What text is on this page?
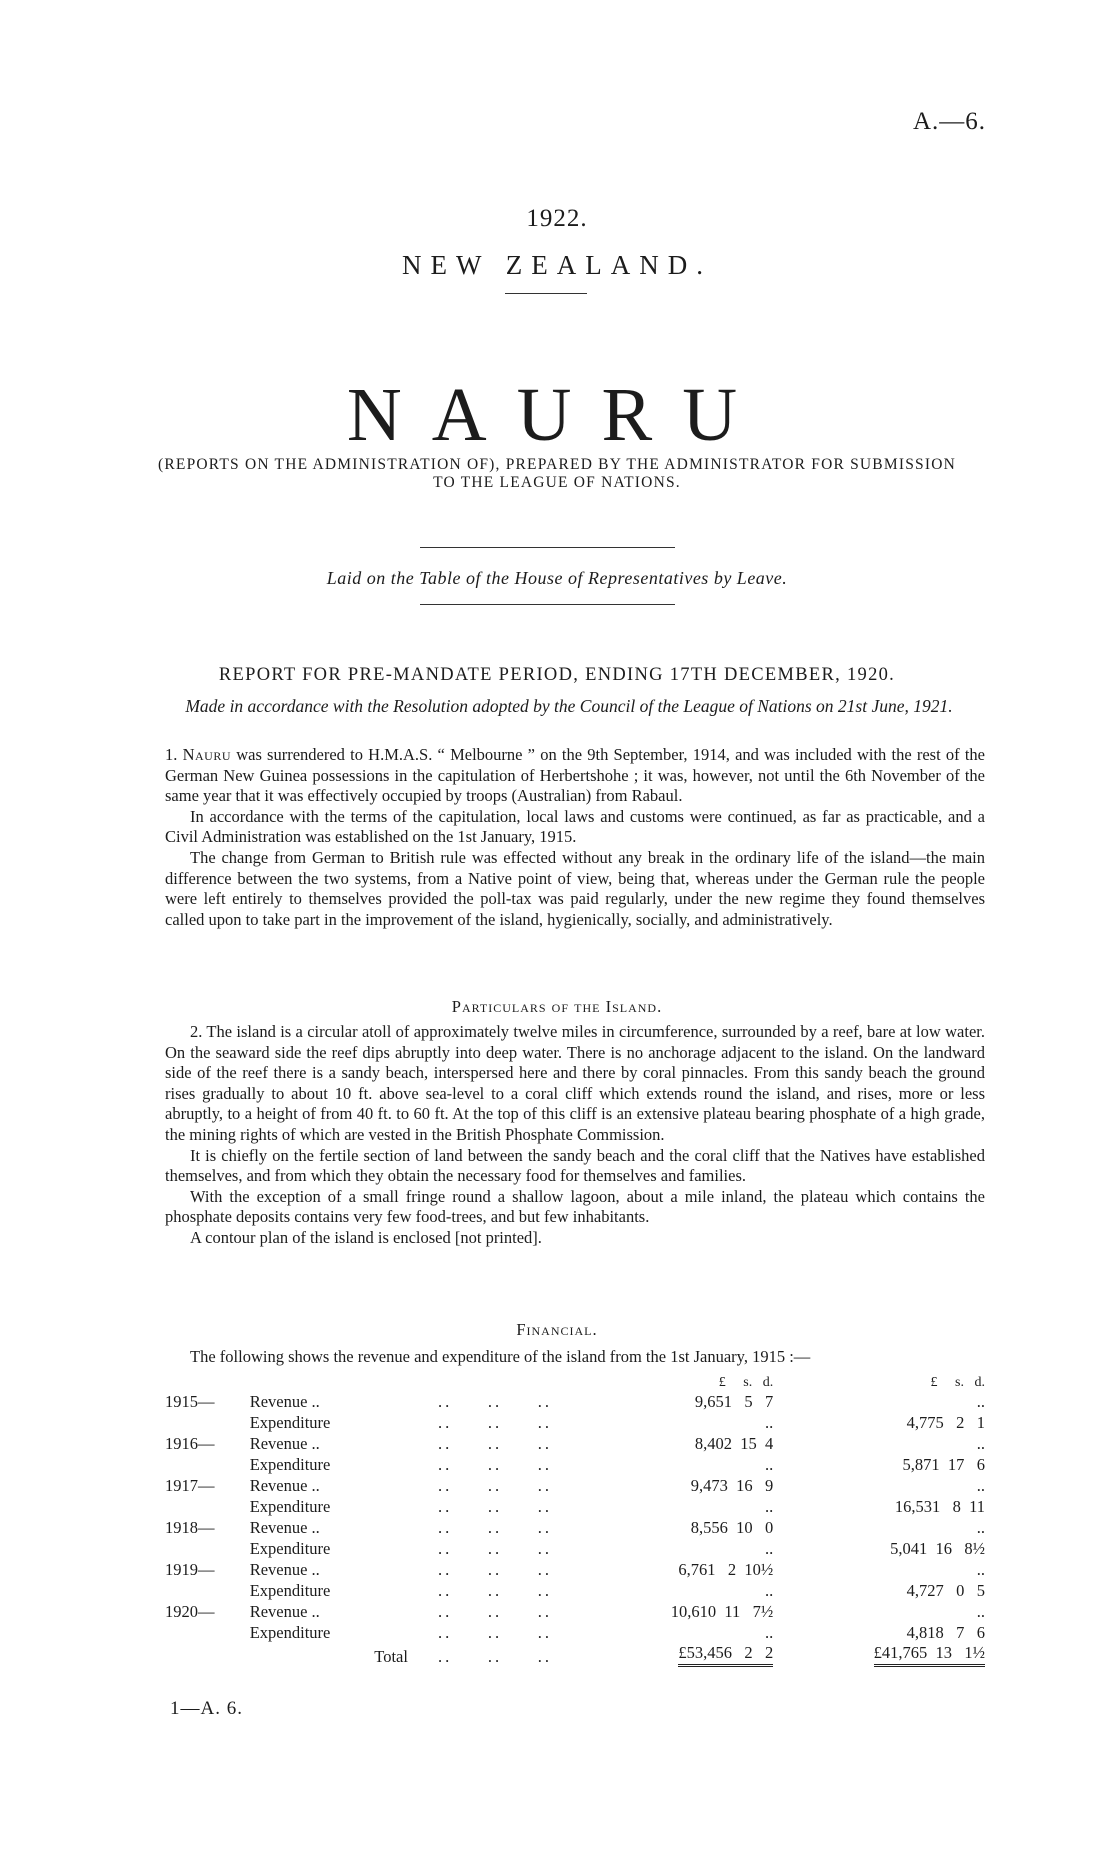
A.—6.
1922.
NEW ZEALAND.
NAURU
(REPORTS ON THE ADMINISTRATION OF), PREPARED BY THE ADMINISTRATOR FOR SUBMISSION TO THE LEAGUE OF NATIONS.
Laid on the Table of the House of Representatives by Leave.
REPORT FOR PRE-MANDATE PERIOD, ENDING 17TH DECEMBER, 1920.
Made in accordance with the Resolution adopted by the Council of the League of Nations on 21st June, 1921.

1. Nauru was surrendered to H.M.A.S. “ Melbourne ” on the 9th September, 1914, and was included with the rest of the German New Guinea possessions in the capitulation of Herbertshohe ; it was, however, not until the 6th November of the same year that it was effectively occupied by troops (Australian) from Rabaul.

In accordance with the terms of the capitulation, local laws and customs were continued, as far as practicable, and a Civil Administration was established on the 1st January, 1915.

The change from German to British rule was effected without any break in the ordinary life of the island—the main difference between the two systems, from a Native point of view, being that, whereas under the German rule the people were left entirely to themselves provided the poll-tax was paid regularly, under the new regime they found themselves called upon to take part in the improvement of the island, hygienically, socially, and administratively.

Particulars of the Island.

2. The island is a circular atoll of approximately twelve miles in circumference, surrounded by a reef, bare at low water. On the seaward side the reef dips abruptly into deep water. There is no anchorage adjacent to the island. On the landward side of the reef there is a sandy beach, interspersed here and there by coral pinnacles. From this sandy beach the ground rises gradually to about 10 ft. above sea-level to a coral cliff which extends round the island, and rises, more or less abruptly, to a height of from 40 ft. to 60 ft. At the top of this cliff is an extensive plateau bearing phosphate of a high grade, the mining rights of which are vested in the British Phosphate Commission.

It is chiefly on the fertile section of land between the sandy beach and the coral cliff that the Natives have established themselves, and from which they obtain the necessary food for themselves and families.

With the exception of a small fringe round a shallow lagoon, about a mile inland, the plateau which contains the phosphate deposits contains very few food-trees, and but few inhabitants.

A contour plan of the island is enclosed [not printed].

Financial.
The following shows the revenue and expenditure of the island from the 1st January, 1915 :—
			£     s.   d.		£     s.   d.
1915—	Revenue ..	..     ..     ..	9,651   5   7		..
	Expenditure	..     ..     ..	..		4,775   2   1
1916—	Revenue ..	..     ..     ..	8,402  15  4		..
	Expenditure	..     ..     ..	..		5,871  17   6
1917—	Revenue ..	..     ..     ..	9,473  16   9		..
	Expenditure	..     ..     ..	..		16,531   8  11
1918—	Revenue ..	..     ..     ..	8,556  10   0		..
	Expenditure	..     ..     ..	..		5,041  16   8½
1919—	Revenue ..	..     ..     ..	6,761   2  10½		..
	Expenditure	..     ..     ..	..		4,727   0   5
1920—	Revenue ..	..     ..     ..	10,610  11   7½		..
	Expenditure	..     ..     ..	..		4,818   7   6
	Total	..     ..     ..	£53,456   2   2		£41,765  13   1½
1—A. 6.
